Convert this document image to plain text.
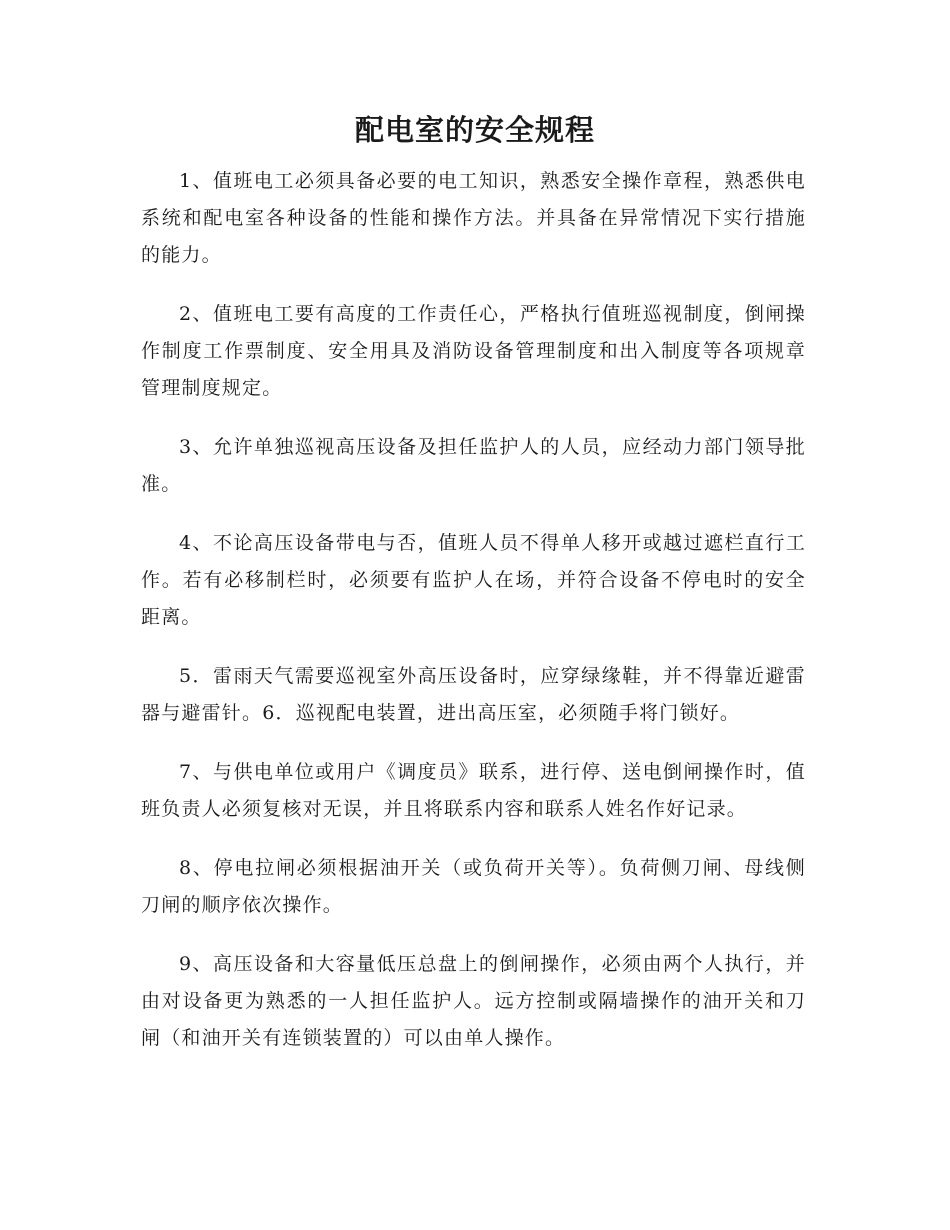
配电室的安全规程

1、值班电工必须具备必要的电工知识，熟悉安全操作章程，熟悉供电系统和配电室各种设备的性能和操作方法。并具备在异常情况下实行措施的能力。

2、值班电工要有高度的工作责任心，严格执行值班巡视制度，倒闸操作制度工作票制度、安全用具及消防设备管理制度和出入制度等各项规章管理制度规定。

3、允许单独巡视高压设备及担任监护人的人员，应经动力部门领导批准。

4、不论高压设备带电与否，值班人员不得单人移开或越过遮栏直行工作。若有必移制栏时，必须要有监护人在场，并符合设备不停电时的安全距离。

5．雷雨天气需要巡视室外高压设备时，应穿绿缘鞋，并不得靠近避雷器与避雷针。6．巡视配电装置，进出高压室，必须随手将门锁好。

7、与供电单位或用户《调度员》联系，进行停、送电倒闸操作时，值班负责人必须复核对无误，并且将联系内容和联系人姓名作好记录。

8、停电拉闸必须根据油开关（或负荷开关等）。负荷侧刀闸、母线侧刀闸的顺序依次操作。

9、高压设备和大容量低压总盘上的倒闸操作，必须由两个人执行，并由对设备更为熟悉的一人担任监护人。远方控制或隔墙操作的油开关和刀闸（和油开关有连锁装置的）可以由单人操作。
